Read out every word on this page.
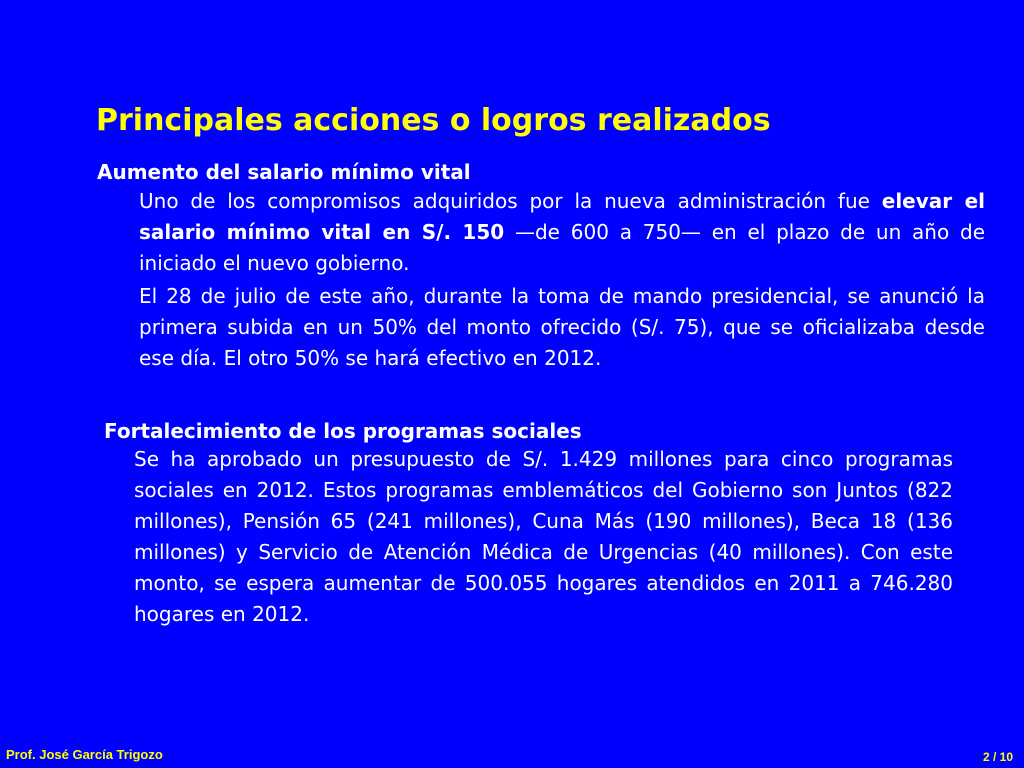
Principales acciones o logros realizados
Aumento del salario mínimo vital

Uno de los compromisos adquiridos por la nueva administración fue elevar el salario mínimo vital en S/. 150 —de 600 a 750— en el plazo de un año de iniciado el nuevo gobierno.

El 28 de julio de este año, durante la toma de mando presidencial, se anunció la primera subida en un 50% del monto ofrecido (S/. 75), que se oficializaba desde ese día. El otro 50% se hará efectivo en 2012.

Fortalecimiento de los programas sociales

Se ha aprobado un presupuesto de S/. 1.429 millones para cinco programas sociales en 2012. Estos programas emblemáticos del Gobierno son Juntos (822 millones), Pensión 65 (241 millones), Cuna Más (190 millones), Beca 18 (136 millones) y Servicio de Atención Médica de Urgencias (40 millones). Con este monto, se espera aumentar de 500.055 hogares atendidos en 2011 a 746.280 hogares en 2012.

Prof. José García Trigozo	2 / 10
